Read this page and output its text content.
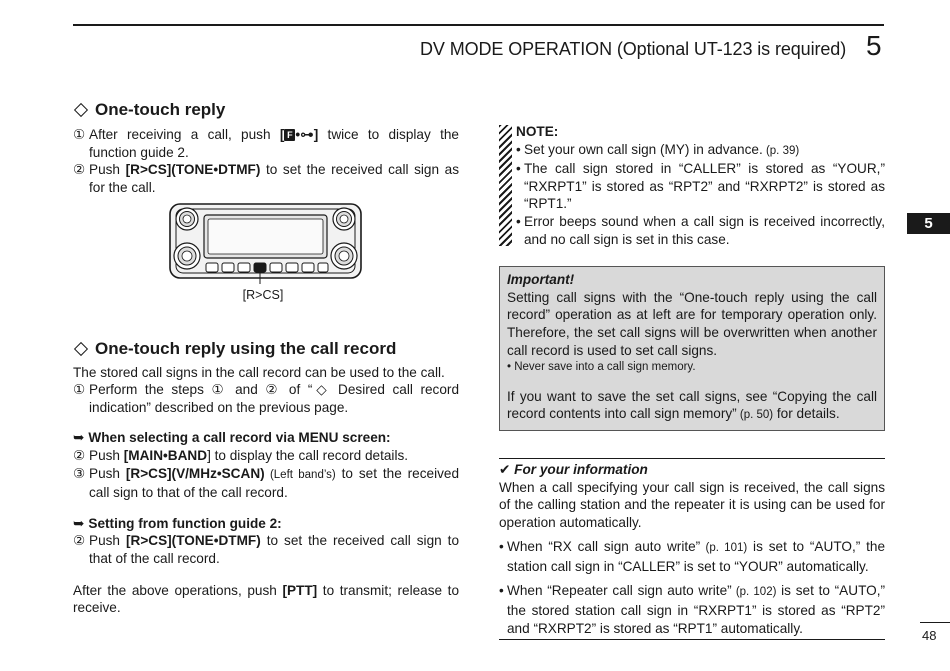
DV MODE OPERATION (Optional UT-123 is required) 5
5
One-touch reply
① After receiving a call, push [ F •⊶] twice to display the function guide 2.
② Push [R>CS](TONE•DTMF) to set the received call sign as for the call.
[R>CS]
One-touch reply using the call record

The stored call signs in the call record can be used to the call.

① Perform the steps ① and ② of “◇ Desired call record indication” described on the previous page.
➥ When selecting a call record via MENU screen:
② Push [MAIN•BAND] to display the call record details.
③ Push [R>CS](V/MHz•SCAN) (Left band’s) to set the received call sign to that of the call record.
➥ Setting from function guide 2:
② Push [R>CS](TONE•DTMF) to set the received call sign to that of the call record.

After the above operations, push [PTT] to transmit; release to receive.

NOTE:
• Set your own call sign (MY) in advance. (p. 39)
• The call sign stored in “CALLER” is stored as “YOUR,” “RXRPT1” is stored as “RPT2” and “RXRPT2” is stored as “RPT1.”
• Error beeps sound when a call sign is received incorrectly, and no call sign is set in this case.
Important!

Setting call signs with the “One-touch reply using the call record” operation as at left are for temporary operation only. Therefore, the set call signs will be overwritten when another call record is used to set call signs.

• Never save into a call sign memory.

If you want to save the set call signs, see “Copying the call record contents into call sign memory” (p. 50) for details.

✔ For your information

When a call specifying your call sign is received, the call signs of the calling station and the repeater it is using can be used for operation automatically.

• When “RX call sign auto write” (p. 101) is set to “AUTO,” the station call sign in “CALLER” is set to “YOUR” automatically.
• When “Repeater call sign auto write” (p. 102) is set to “AUTO,” the stored station call sign in “RXRPT1” is stored as “RPT2” and “RXRPT2” is stored as “RPT1” automatically.	48
